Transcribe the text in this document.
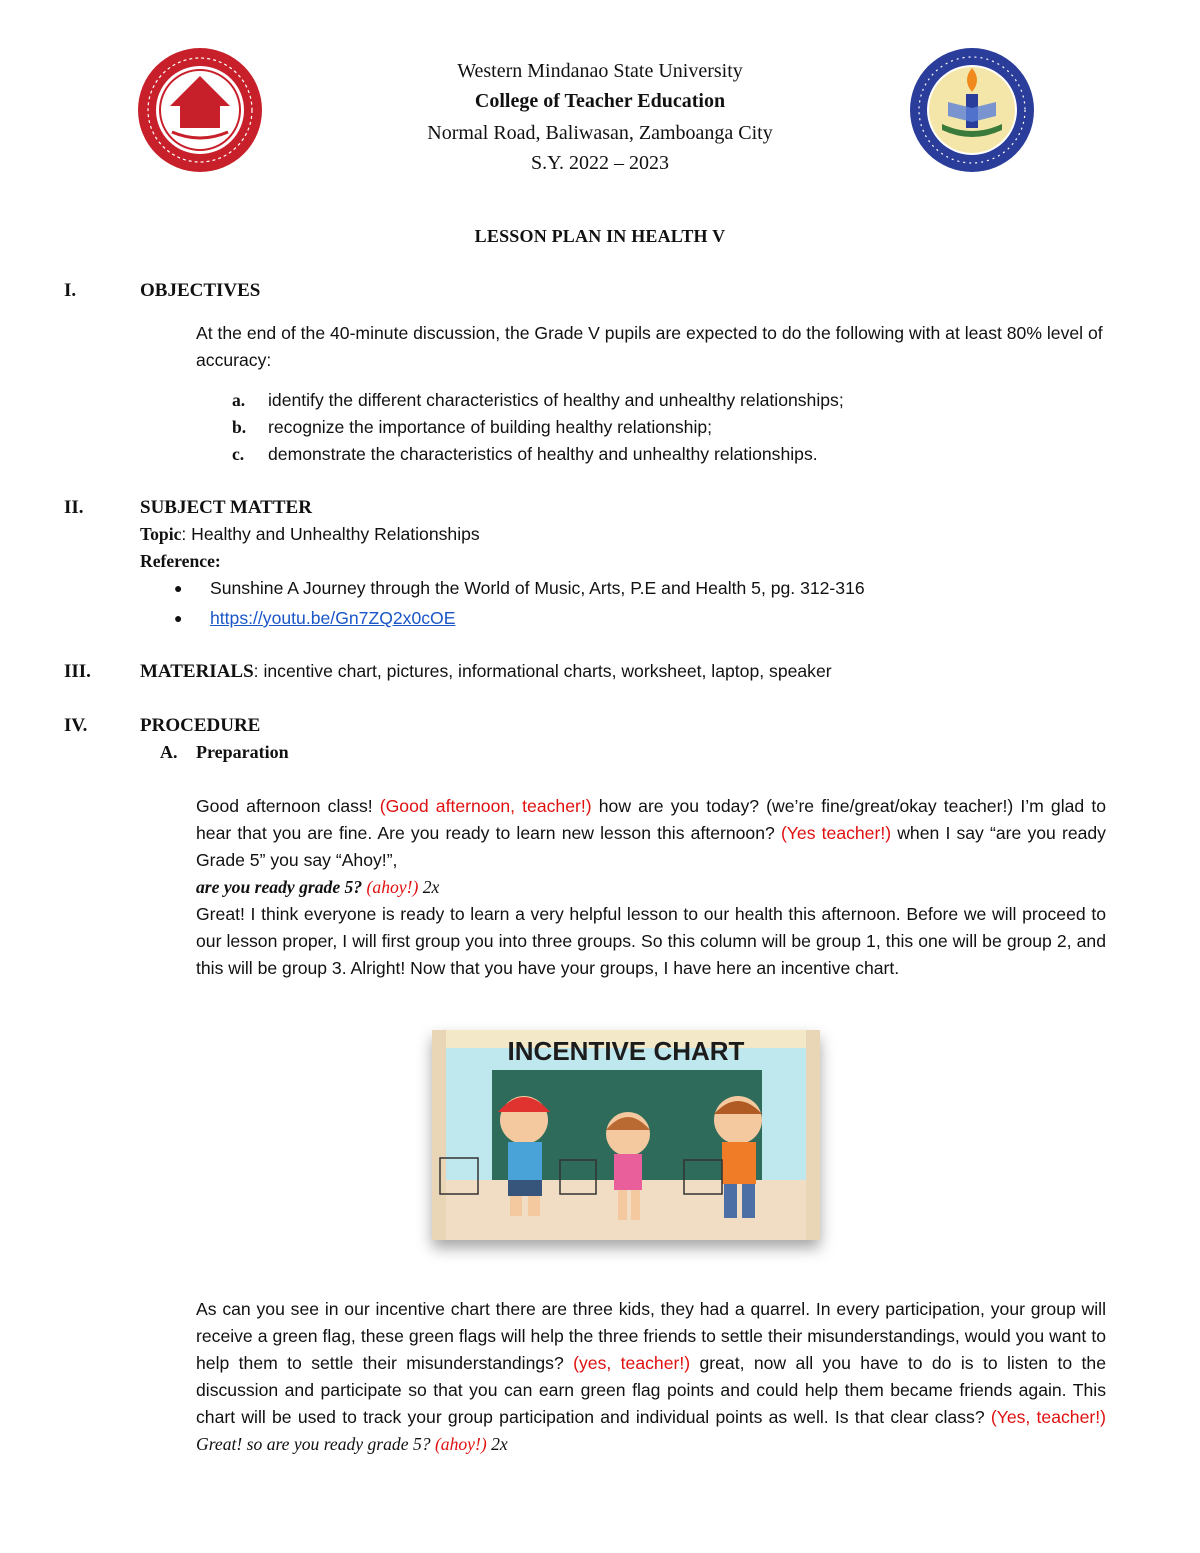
Western Mindanao State University
College of Teacher Education
Normal Road, Baliwasan, Zamboanga City
S.Y. 2022 – 2023
LESSON PLAN IN HEALTH V
I.	OBJECTIVES
At the end of the 40-minute discussion, the Grade V pupils are expected to do the following with at least 80% level of accuracy:
a. identify the different characteristics of healthy and unhealthy relationships;
b. recognize the importance of building healthy relationship;
c. demonstrate the characteristics of healthy and unhealthy relationships.
II.	SUBJECT MATTER
Topic: Healthy and Unhealthy Relationships
Reference:
● Sunshine A Journey through the World of Music, Arts, P.E and Health 5, pg. 312-316
● https://youtu.be/Gn7ZQ2x0cOE
III.	MATERIALS: incentive chart, pictures, informational charts, worksheet, laptop, speaker
IV.	PROCEDURE
A. Preparation
Good afternoon class! (Good afternoon, teacher!) how are you today? (we’re fine/great/okay teacher!) I’m glad to hear that you are fine. Are you ready to learn new lesson this afternoon? (Yes teacher!) when I say “are you ready Grade 5” you say “Ahoy!”,
are you ready grade 5? (ahoy!) 2x
Great! I think everyone is ready to learn a very helpful lesson to our health this afternoon. Before we will proceed to our lesson proper, I will first group you into three groups. So this column will be group 1, this one will be group 2, and this will be group 3. Alright! Now that you have your groups, I have here an incentive chart.
INCENTIVE CHART
As can you see in our incentive chart there are three kids, they had a quarrel. In every participation, your group will receive a green flag, these green flags will help the three friends to settle their misunderstandings, would you want to help them to settle their misunderstandings? (yes, teacher!) great, now all you have to do is to listen to the discussion and participate so that you can earn green flag points and could help them became friends again. This chart will be used to track your group participation and individual points as well. Is that clear class? (Yes, teacher!) Great! so are you ready grade 5? (ahoy!) 2x
